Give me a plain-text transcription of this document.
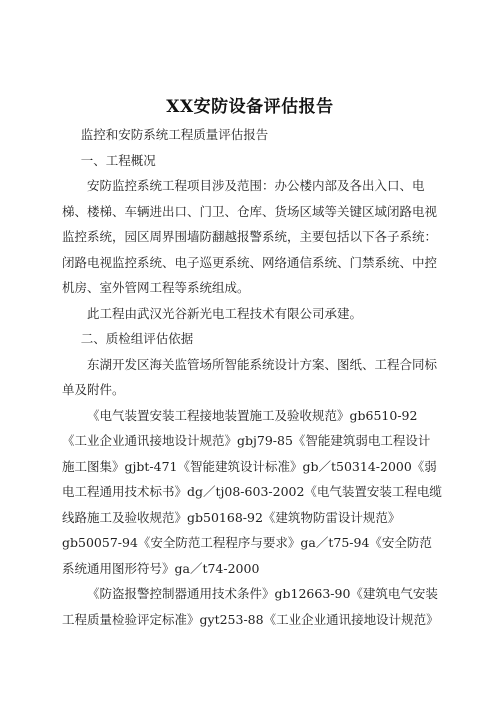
XX安防设备评估报告

监控和安防系统工程质量评估报告

一、工程概况

安防监控系统工程项目涉及范围：办公楼内部及各出入口、电梯、楼梯、车辆进出口、门卫、仓库、货场区域等关键区域闭路电视监控系统，园区周界围墙防翻越报警系统，主要包括以下各子系统：闭路电视监控系统、电子巡更系统、网络通信系统、门禁系统、中控机房、室外管网工程等系统组成。

此工程由武汉光谷新光电工程技术有限公司承建。

二、质检组评估依据

东湖开发区海关监管场所智能系统设计方案、图纸、工程合同标单及附件。

《电气装置安装工程接地装置施工及验收规范》gb6510-92《工业企业通讯接地设计规范》gbj79-85《智能建筑弱电工程设计施工图集》gjbt-471《智能建筑设计标准》gb／t50314-2000《弱电工程通用技术标书》dg／tj08-603-2002《电气装置安装工程电缆线路施工及验收规范》gb50168-92《建筑物防雷设计规范》gb50057-94《安全防范工程程序与要求》ga／t75-94《安全防范系统通用图形符号》ga／t74-2000

《防盗报警控制器通用技术条件》gb12663-90《建筑电气安装工程质量检验评定标准》gyt253-88《工业企业通讯接地设计规范》
